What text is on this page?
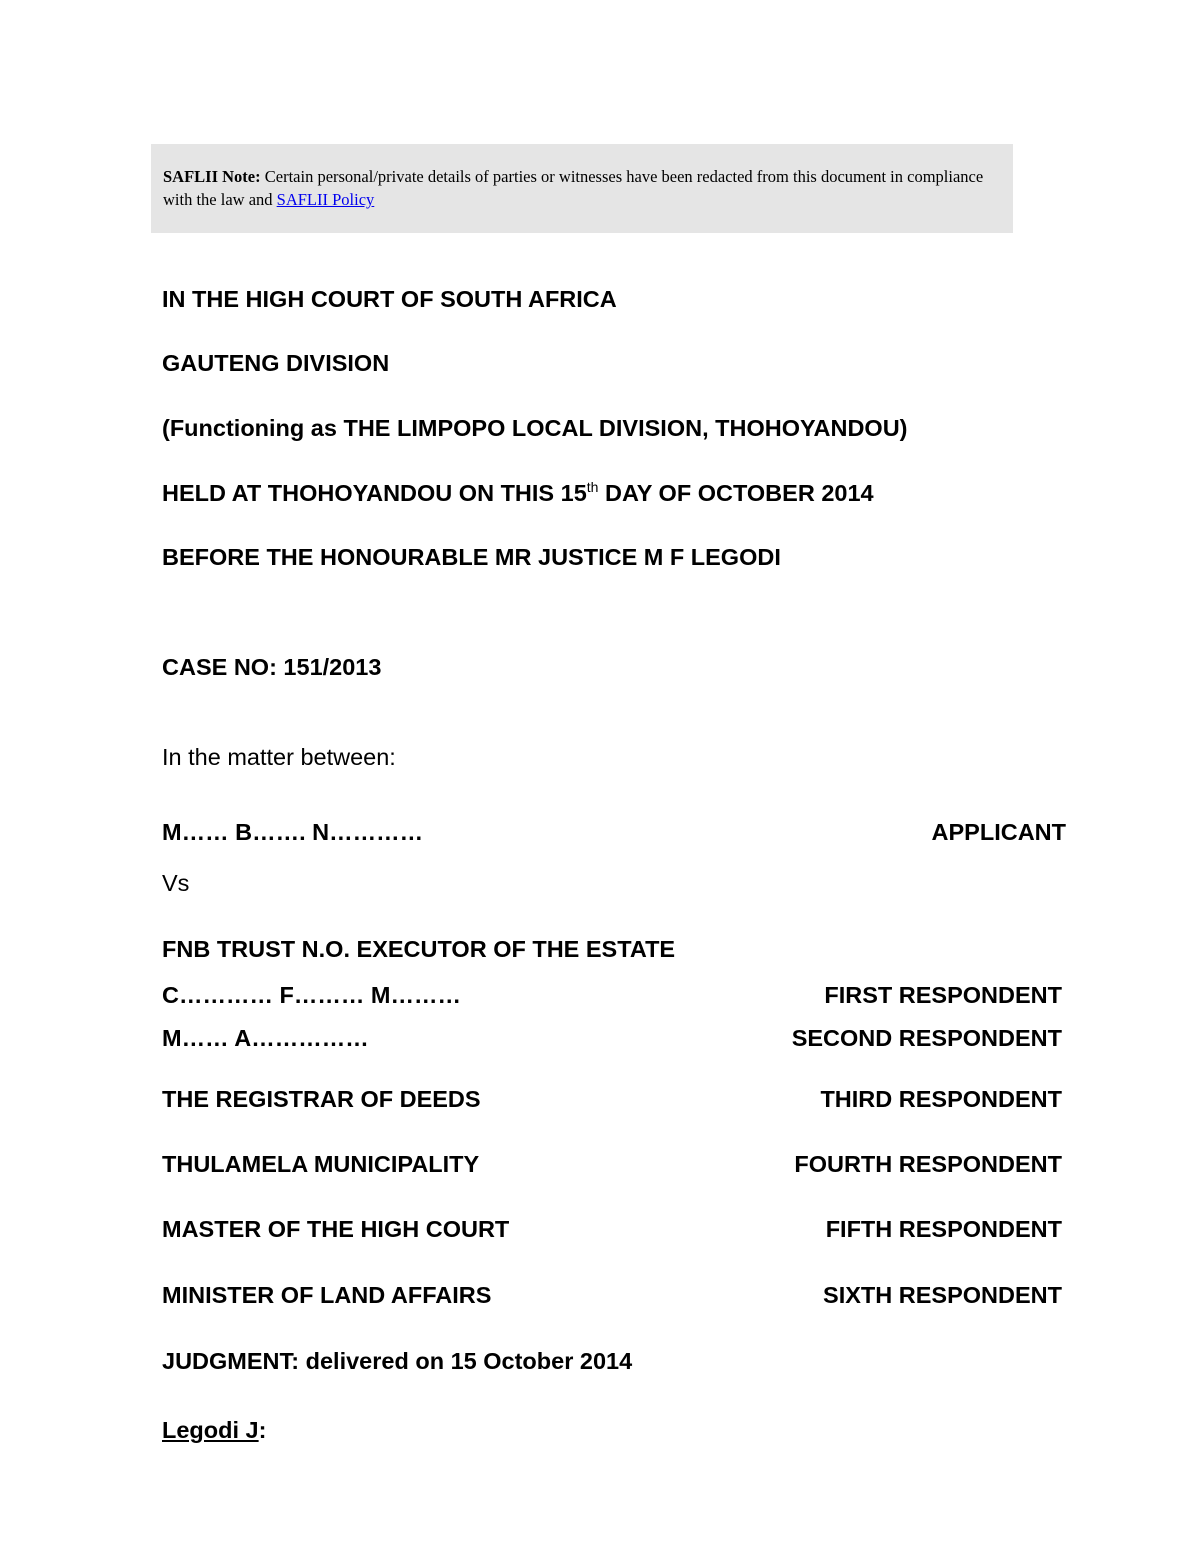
SAFLII Note: Certain personal/private details of parties or witnesses have been redacted from this document in compliance with the law and SAFLII Policy
IN THE HIGH COURT OF SOUTH AFRICA
GAUTENG DIVISION
(Functioning as THE LIMPOPO LOCAL DIVISION, THOHOYANDOU)
HELD AT THOHOYANDOU ON THIS 15th DAY OF OCTOBER 2014
BEFORE THE HONOURABLE MR JUSTICE M F LEGODI
CASE NO: 151/2013
In the matter between:
M…… B……. N…………	APPLICANT
Vs
FNB TRUST N.O. EXECUTOR OF THE ESTATE
C………… F……… M………	FIRST RESPONDENT
M…… A……………	SECOND RESPONDENT
THE REGISTRAR OF DEEDS	THIRD RESPONDENT
THULAMELA MUNICIPALITY	FOURTH RESPONDENT
MASTER OF THE HIGH COURT	FIFTH RESPONDENT
MINISTER OF LAND AFFAIRS	SIXTH RESPONDENT
JUDGMENT: delivered on 15 October 2014
Legodi J:
